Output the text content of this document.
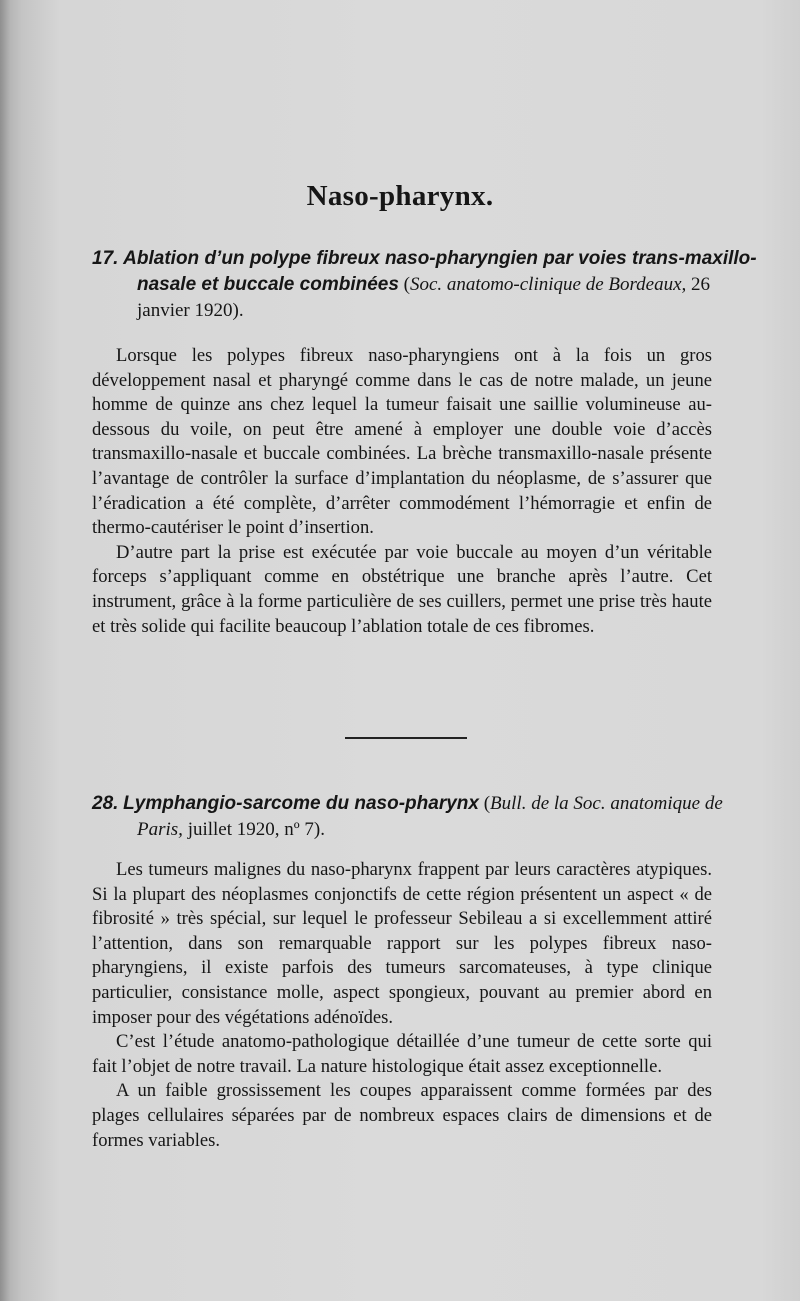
Naso-pharynx.
17. Ablation d’un polype fibreux naso-pharyngien par voies trans-maxillo-nasale et buccale combinées (Soc. anatomo-clinique de Bordeaux, 26 janvier 1920).

Lorsque les polypes fibreux naso-pharyngiens ont à la fois un gros développement nasal et pharyngé comme dans le cas de notre malade, un jeune homme de quinze ans chez lequel la tumeur faisait une saillie volumineuse au-dessous du voile, on peut être amené à employer une double voie d’accès transmaxillo-nasale et buccale combinées. La brèche transmaxillo-nasale présente l’avantage de contrôler la surface d’implantation du néoplasme, de s’assurer que l’éradication a été complète, d’arrêter commodément l’hémorragie et enfin de thermo-cautériser le point d’insertion.

D’autre part la prise est exécutée par voie buccale au moyen d’un véritable forceps s’appliquant comme en obstétrique une branche après l’autre. Cet instrument, grâce à la forme particulière de ses cuillers, permet une prise très haute et très solide qui facilite beaucoup l’ablation totale de ces fibromes.

28. Lymphangio-sarcome du naso-pharynx (Bull. de la Soc. anatomique de Paris, juillet 1920, nº 7).

Les tumeurs malignes du naso-pharynx frappent par leurs caractères atypiques. Si la plupart des néoplasmes conjonctifs de cette région présentent un aspect « de fibrosité » très spécial, sur lequel le professeur Sebileau a si excellemment attiré l’attention, dans son remarquable rapport sur les polypes fibreux naso-pharyngiens, il existe parfois des tumeurs sarcomateuses, à type clinique particulier, consistance molle, aspect spongieux, pouvant au premier abord en imposer pour des végétations adénoïdes.

C’est l’étude anatomo-pathologique détaillée d’une tumeur de cette sorte qui fait l’objet de notre travail. La nature histologique était assez exceptionnelle.

A un faible grossissement les coupes apparaissent comme formées par des plages cellulaires séparées par de nombreux espaces clairs de dimensions et de formes variables.
